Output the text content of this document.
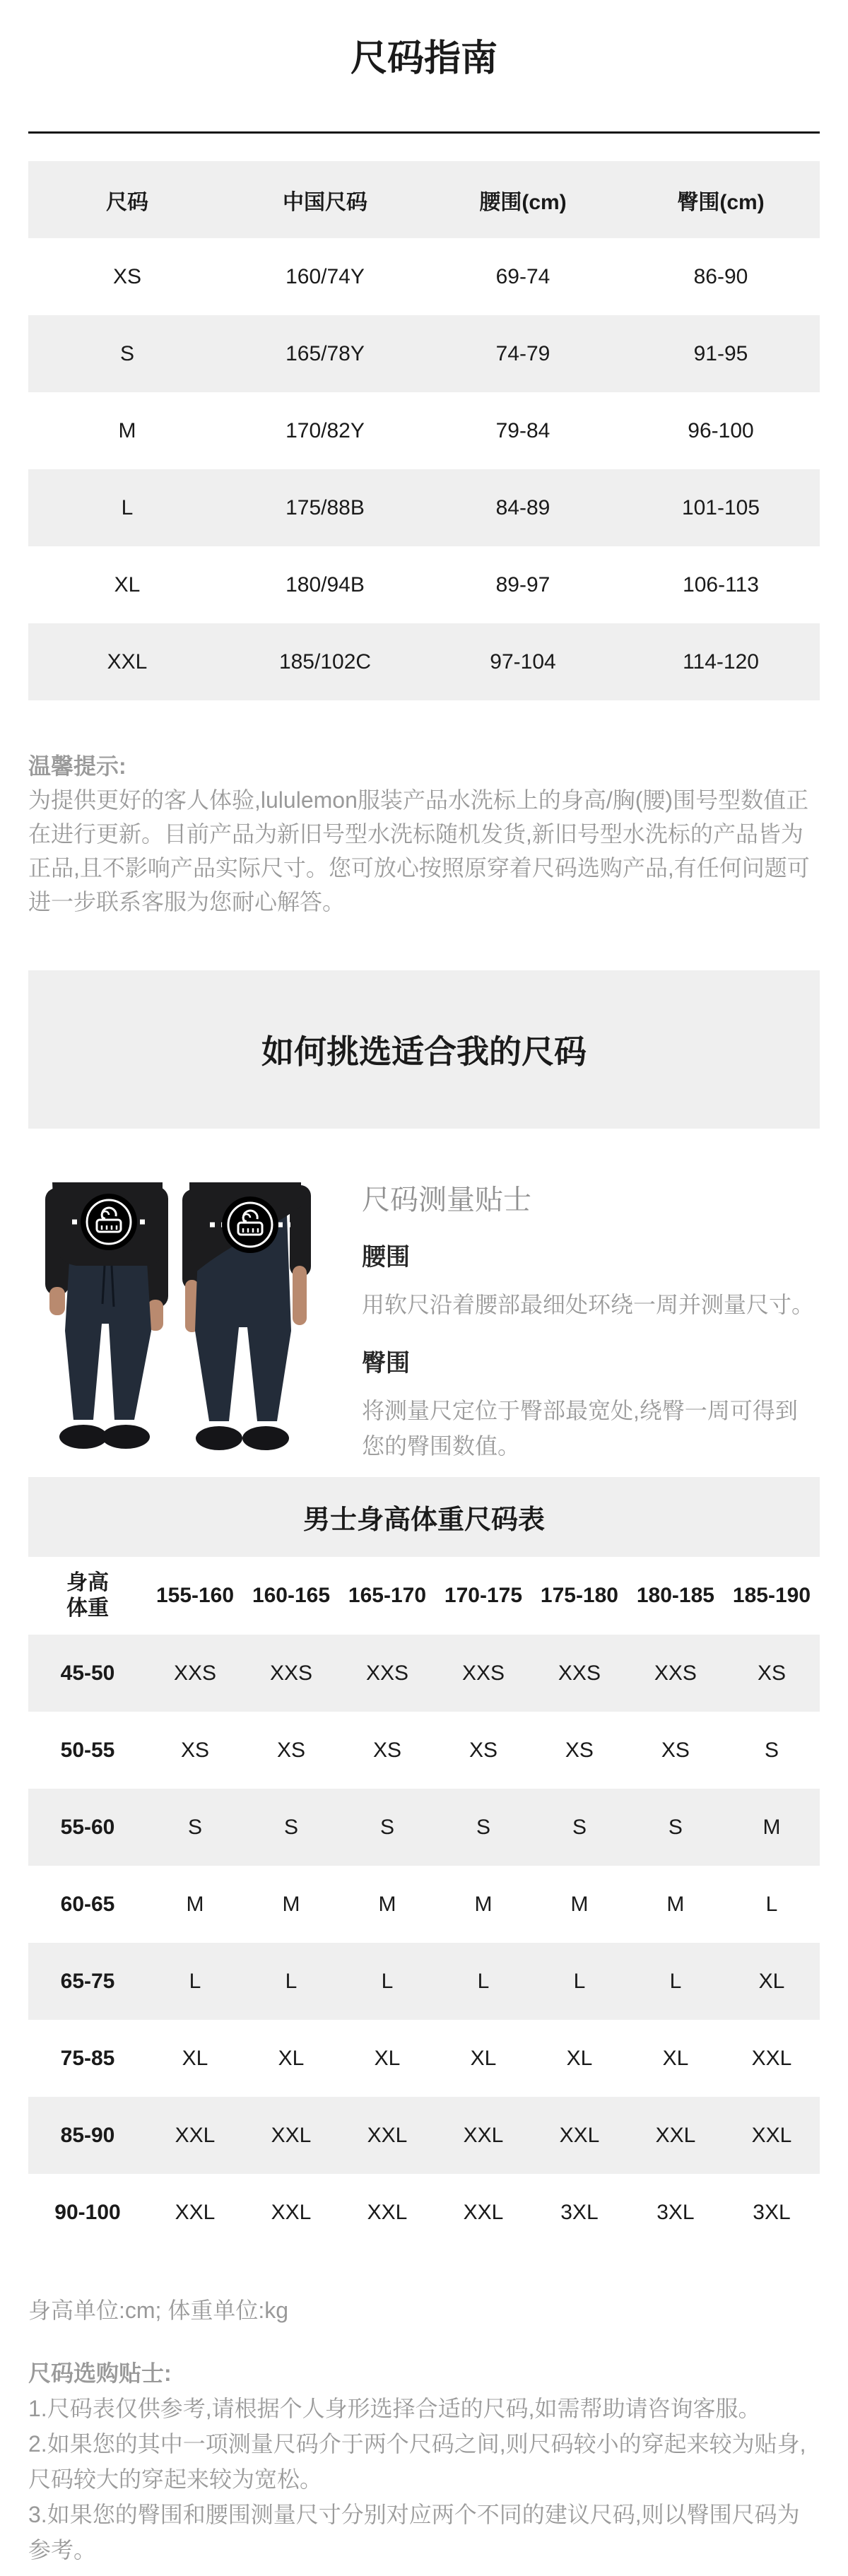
尺码指南
尺码	中国尺码	腰围(cm)	臀围(cm)
XS	160/74Y	69-74	86-90
S	165/78Y	74-79	91-95
M	170/82Y	79-84	96-100
L	175/88B	84-89	101-105
XL	180/94B	89-97	106-113
XXL	185/102C	97-104	114-120
温馨提示:
为提供更好的客人体验,lululemon服装产品水洗标上的身高/胸(腰)围号型数值正在进行更新。目前产品为新旧号型水洗标随机发货,新旧号型水洗标的产品皆为正品,且不影响产品实际尺寸。您可放心按照原穿着尺码选购产品,有任何问题可进一步联系客服为您耐心解答。
如何挑选适合我的尺码
尺码测量贴士
腰围
用软尺沿着腰部最细处环绕一周并测量尺寸。
臀围
将测量尺定位于臀部最宽处,绕臀一周可得到您的臀围数值。
男士身高体重尺码表
身高
体重	155-160	160-165	165-170	170-175	175-180	180-185	185-190
45-50	XXS	XXS	XXS	XXS	XXS	XXS	XS
50-55	XS	XS	XS	XS	XS	XS	S
55-60	S	S	S	S	S	S	M
60-65	M	M	M	M	M	M	L
65-75	L	L	L	L	L	L	XL
75-85	XL	XL	XL	XL	XL	XL	XXL
85-90	XXL	XXL	XXL	XXL	XXL	XXL	XXL
90-100	XXL	XXL	XXL	XXL	3XL	3XL	3XL
身高单位:cm; 体重单位:kg
尺码选购贴士:
1.尺码表仅供参考,请根据个人身形选择合适的尺码,如需帮助请咨询客服。
2.如果您的其中一项测量尺码介于两个尺码之间,则尺码较小的穿起来较为贴身,尺码较大的穿起来较为宽松。
3.如果您的臀围和腰围测量尺寸分别对应两个不同的建议尺码,则以臀围尺码为参考。
